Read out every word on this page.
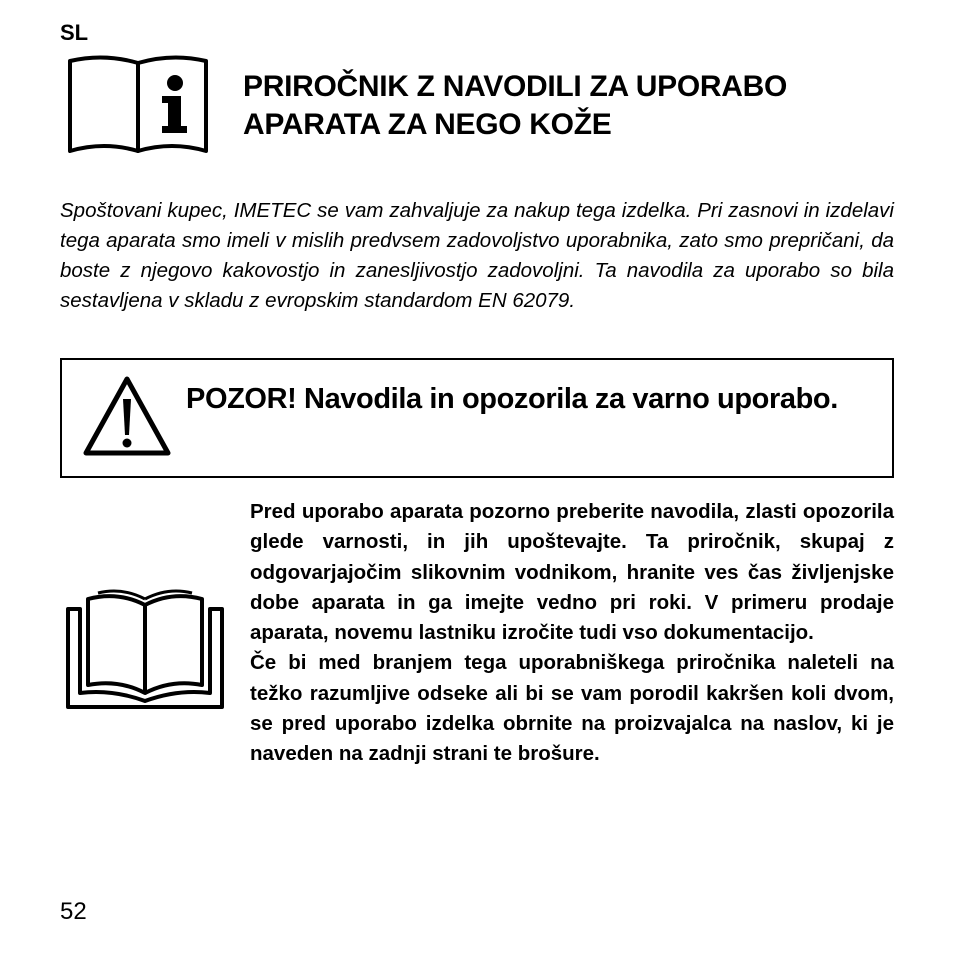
SL
PRIROČNIK Z NAVODILI ZA UPORABO
APARATA ZA NEGO KOŽE

Spoštovani kupec, IMETEC se vam zahvaljuje za nakup tega izdelka. Pri zasnovi in izdelavi tega aparata smo imeli v mislih predvsem zadovoljstvo uporabnika, zato smo prepričani, da boste z njegovo kakovostjo in zanesljivostjo zadovoljni. Ta navodila za uporabo so bila sestavljena v skladu z evropskim standardom EN 62079.

POZOR! Navodila in opozorila za varno uporabo.

Pred uporabo aparata pozorno preberite navodila, zlasti opozorila glede varnosti, in jih upoštevajte. Ta priročnik, skupaj z odgovarjajočim slikovnim vodnikom, hranite ves čas življenjske dobe aparata in ga imejte vedno pri roki. V primeru prodaje aparata, novemu lastniku izročite tudi vso dokumentacijo.

Če bi med branjem tega uporabniškega priročnika naleteli na težko razumljive odseke ali bi se vam porodil kakršen koli dvom, se pred uporabo izdelka obrnite na proizvajalca na naslov, ki je naveden na zadnji strani te brošure.

52
